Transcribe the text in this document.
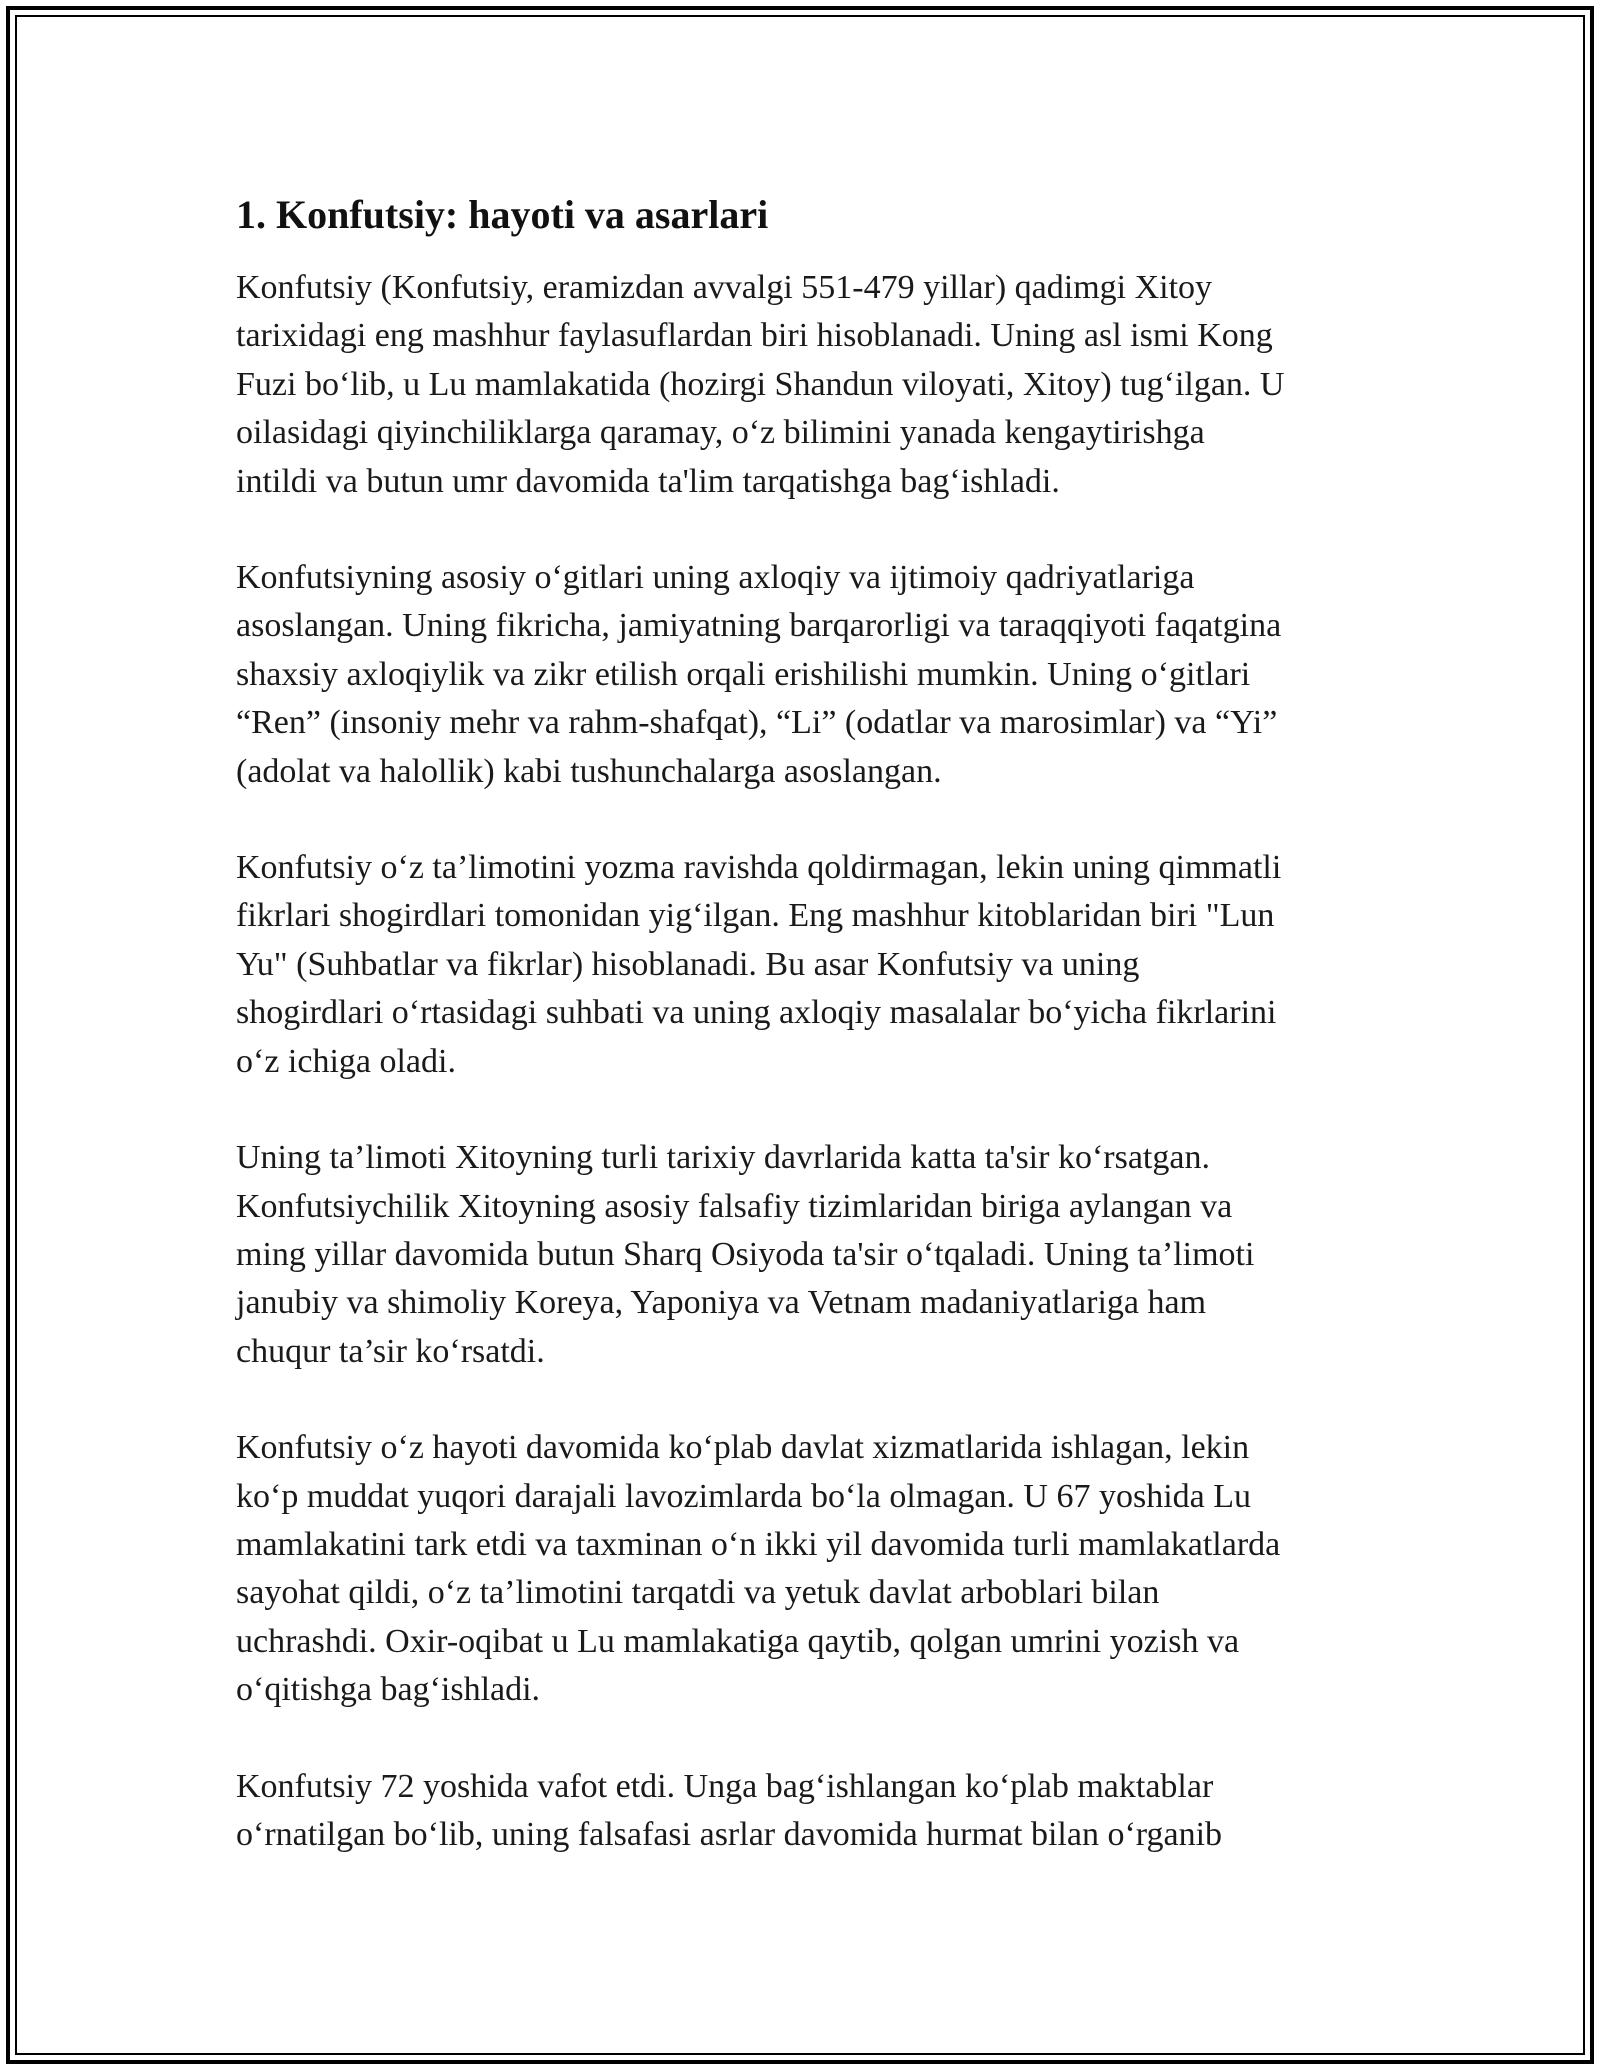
1. Konfutsiy: hayoti va asarlari

Konfutsiy (Konfutsiy, eramizdan avvalgi 551-479 yillar) qadimgi Xitoy
tarixidagi eng mashhur faylasuflardan biri hisoblanadi. Uning asl ismi Kong
Fuzi bo‘lib, u Lu mamlakatida (hozirgi Shandun viloyati, Xitoy) tug‘ilgan. U
oilasidagi qiyinchiliklarga qaramay, o‘z bilimini yanada kengaytirishga
intildi va butun umr davomida ta'lim tarqatishga bag‘ishladi.

Konfutsiyning asosiy o‘gitlari uning axloqiy va ijtimoiy qadriyatlariga
asoslangan. Uning fikricha, jamiyatning barqarorligi va taraqqiyoti faqatgina
shaxsiy axloqiylik va zikr etilish orqali erishilishi mumkin. Uning o‘gitlari
“Ren” (insoniy mehr va rahm-shafqat), “Li” (odatlar va marosimlar) va “Yi”
(adolat va halollik) kabi tushunchalarga asoslangan.

Konfutsiy o‘z ta’limotini yozma ravishda qoldirmagan, lekin uning qimmatli
fikrlari shogirdlari tomonidan yig‘ilgan. Eng mashhur kitoblaridan biri "Lun
Yu" (Suhbatlar va fikrlar) hisoblanadi. Bu asar Konfutsiy va uning
shogirdlari o‘rtasidagi suhbati va uning axloqiy masalalar bo‘yicha fikrlarini
o‘z ichiga oladi.

Uning ta’limoti Xitoyning turli tarixiy davrlarida katta ta'sir ko‘rsatgan.
Konfutsiychilik Xitoyning asosiy falsafiy tizimlaridan biriga aylangan va
ming yillar davomida butun Sharq Osiyoda ta'sir o‘tqaladi. Uning ta’limoti
janubiy va shimoliy Koreya, Yaponiya va Vetnam madaniyatlariga ham
chuqur ta’sir ko‘rsatdi.

Konfutsiy o‘z hayoti davomida ko‘plab davlat xizmatlarida ishlagan, lekin
ko‘p muddat yuqori darajali lavozimlarda bo‘la olmagan. U 67 yoshida Lu
mamlakatini tark etdi va taxminan o‘n ikki yil davomida turli mamlakatlarda
sayohat qildi, o‘z ta’limotini tarqatdi va yetuk davlat arboblari bilan
uchrashdi. Oxir-oqibat u Lu mamlakatiga qaytib, qolgan umrini yozish va
o‘qitishga bag‘ishladi.

Konfutsiy 72 yoshida vafot etdi. Unga bag‘ishlangan ko‘plab maktablar
o‘rnatilgan bo‘lib, uning falsafasi asrlar davomida hurmat bilan o‘rganib
